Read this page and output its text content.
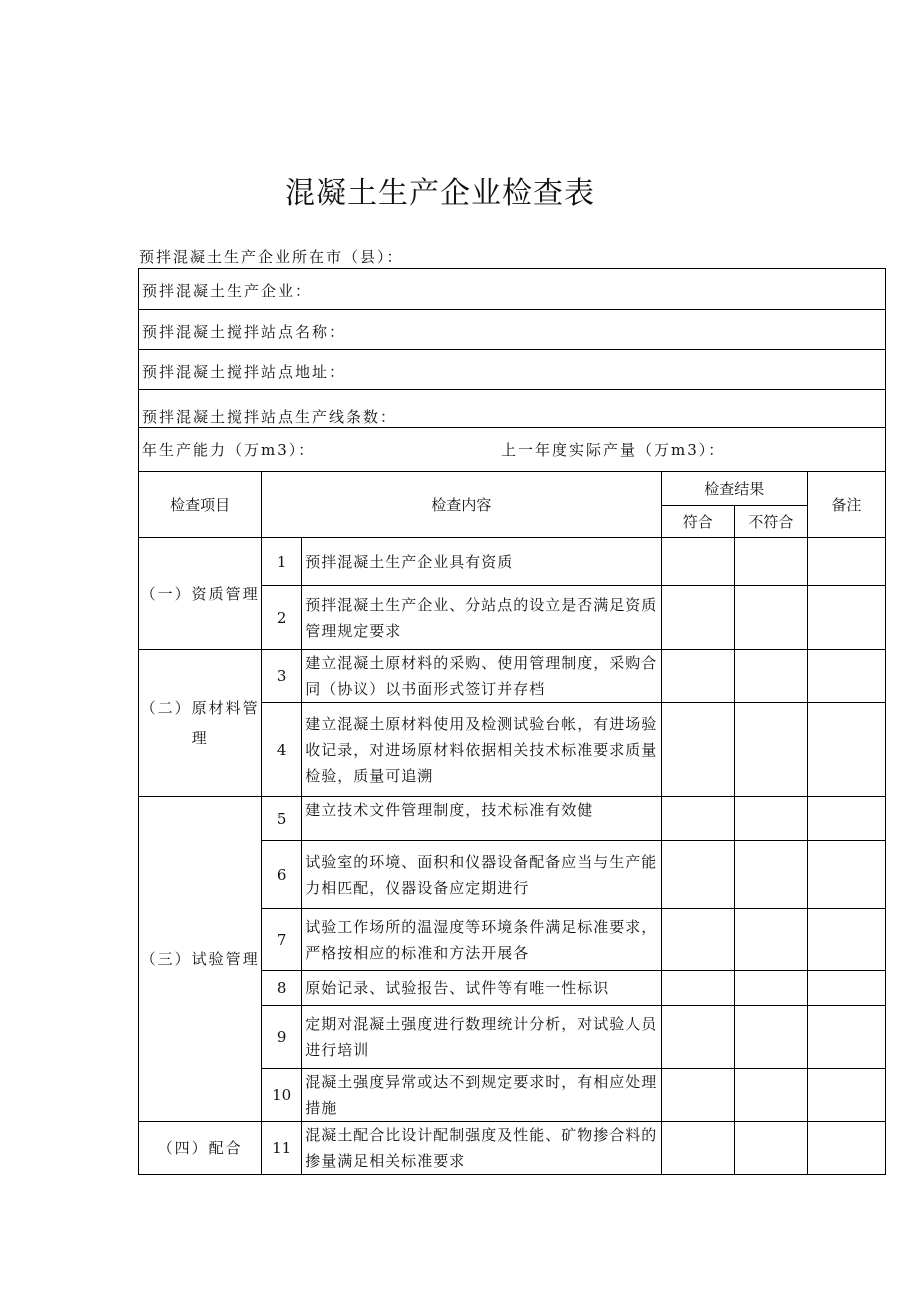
混凝土生产企业检查表
预拌混凝土生产企业所在市（县）：
预拌混凝土生产企业：
预拌混凝土搅拌站点名称：
预拌混凝土搅拌站点地址：
预拌混凝土搅拌站点生产线条数：
年生产能力（万m3）：	上一年度实际产量（万m3）：
检查项目	检查内容		检查结果		备注
			符合	不符合	
（一）资质管理	1	预拌混凝土生产企业具有资质			
	2	预拌混凝土生产企业、分站点的设立是否满足资质管理规定要求			
（二）原材料管理	3	建立混凝土原材料的采购、使用管理制度，采购合同（协议）以书面形式签订并存档			
	4	建立混凝土原材料使用及检测试验台帐，有进场验收记录，对进场原材料依据相关技术标准要求质量检验，质量可追溯			
（三）试验管理	5	建立技术文件管理制度，技术标准有效健			
	6	试验室的环境、面积和仪器设备配备应当与生产能力相匹配，仪器设备应定期进行			
	7	试验工作场所的温湿度等环境条件满足标准要求，严格按相应的标准和方法开展各			
	8	原始记录、试验报告、试件等有唯一性标识			
	9	定期对混凝土强度进行数理统计分析，对试验人员进行培训			
	10	混凝土强度异常或达不到规定要求时，有相应处理措施			
（四）配合	11	混凝土配合比设计配制强度及性能、矿物掺合料的掺量满足相关标准要求			
